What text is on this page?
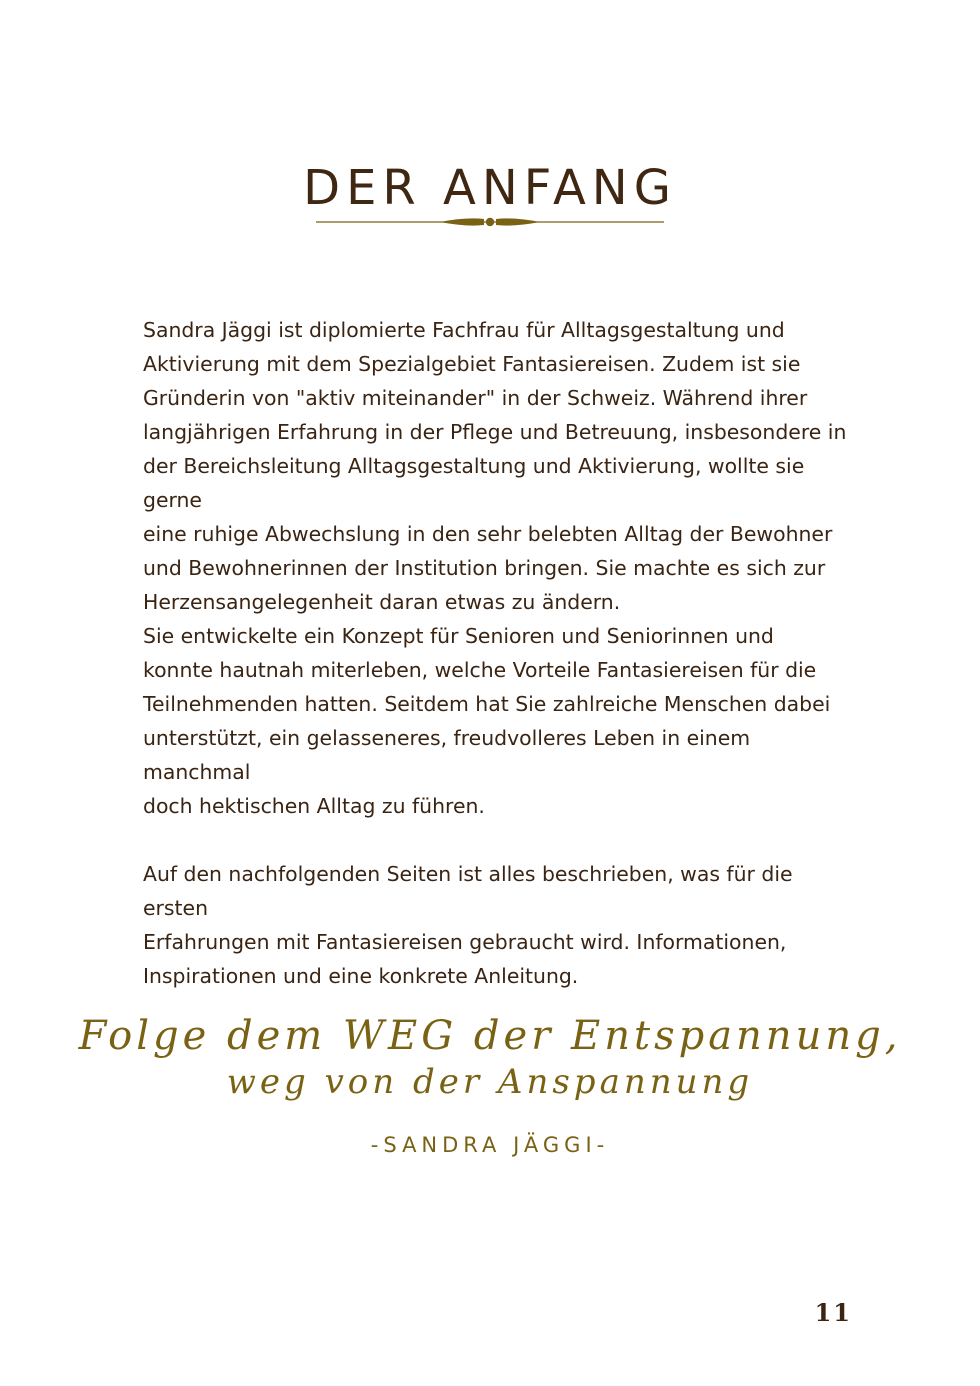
DER ANFANG

Sandra Jäggi ist diplomierte Fachfrau für Alltagsgestaltung und
Aktivierung mit dem Spezialgebiet Fantasiereisen. Zudem ist sie
Gründerin von "aktiv miteinander" in der Schweiz. Während ihrer
langjährigen Erfahrung in der Pflege und Betreuung, insbesondere in
der Bereichsleitung Alltagsgestaltung und Aktivierung, wollte sie gerne
eine ruhige Abwechslung in den sehr belebten Alltag der Bewohner
und Bewohnerinnen der Institution bringen. Sie machte es sich zur
Herzensangelegenheit daran etwas zu ändern.
Sie entwickelte ein Konzept für Senioren und Seniorinnen und
konnte hautnah miterleben, welche Vorteile Fantasiereisen für die
Teilnehmenden hatten. Seitdem hat Sie zahlreiche Menschen dabei
unterstützt, ein gelasseneres, freudvolleres Leben in einem manchmal
doch hektischen Alltag zu führen.

Auf den nachfolgenden Seiten ist alles beschrieben, was für die ersten
Erfahrungen mit Fantasiereisen gebraucht wird. Informationen,
Inspirationen und eine konkrete Anleitung.

Folge dem WEG der Entspannung,
weg von der Anspannung
-SANDRA JÄGGI-
11
